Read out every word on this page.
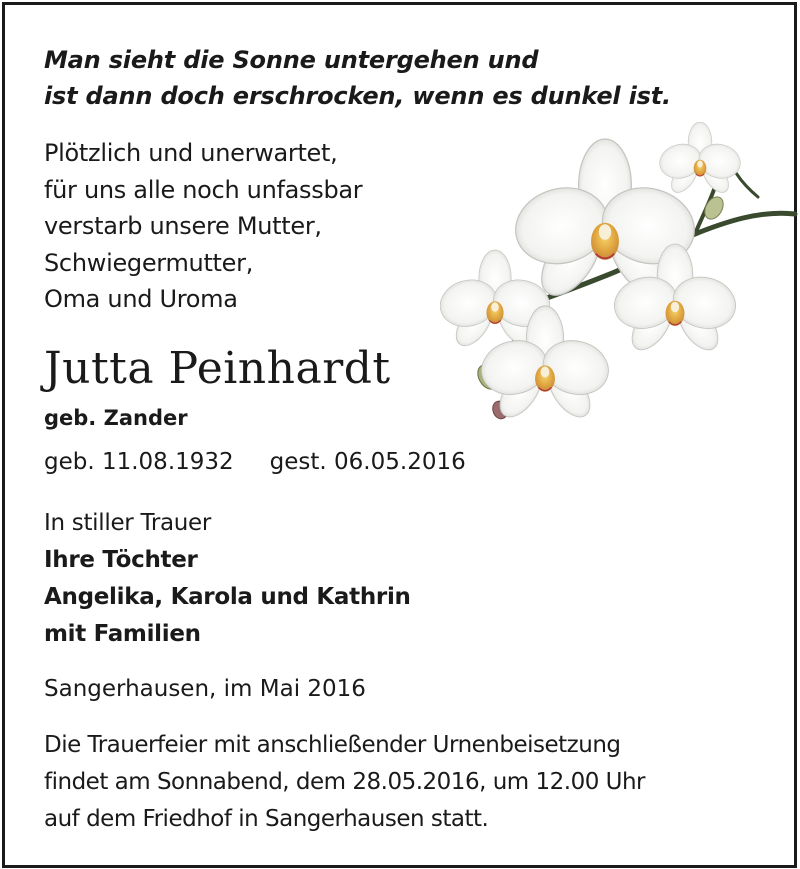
Man sieht die Sonne untergehen und
ist dann doch erschrocken, wenn es dunkel ist.
Plötzlich und unerwartet,
für uns alle noch unfassbar
verstarb unsere Mutter,
Schwiegermutter,
Oma und Uroma
Jutta Peinhardt
geb. Zander
geb. 11.08.1932 gest. 06.05.2016
In stiller Trauer
Ihre Töchter
Angelika, Karola und Kathrin
mit Familien
Sangerhausen, im Mai 2016
Die Trauerfeier mit anschließender Urnenbeisetzung
findet am Sonnabend, dem 28.05.2016, um 12.00 Uhr
auf dem Friedhof in Sangerhausen statt.
